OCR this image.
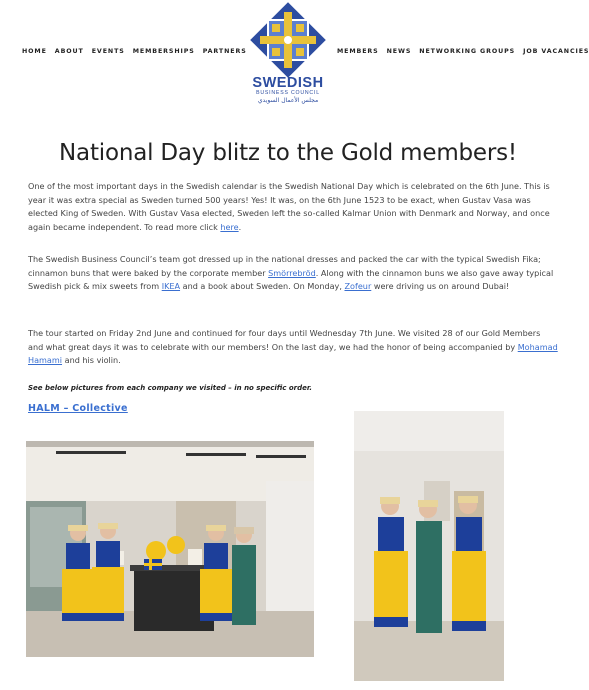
HOME ABOUT EVENTS MEMBERSHIPS PARTNERS
SWEDISH
BUSINESS COUNCIL
مجلس الأعمال السويدي
MEMBERS NEWS NETWORKING GROUPS JOB VACANCIES
National Day blitz to the Gold members!

One of the most important days in the Swedish calendar is the Swedish National Day which is celebrated on the 6th June. This is year it was extra special as Sweden turned 500 years! Yes! It was, on the 6th June 1523 to be exact, when Gustav Vasa was elected King of Sweden. With Gustav Vasa elected, Sweden left the so-called Kalmar Union with Denmark and Norway, and once again became independent. To read more click here.

The Swedish Business Council’s team got dressed up in the national dresses and packed the car with the typical Swedish Fika; cinnamon buns that were baked by the corporate member Smörrebröd. Along with the cinnamon buns we also gave away typical Swedish pick & mix sweets from IKEA and a book about Sweden. On Monday, Zofeur were driving us on around Dubai!

The tour started on Friday 2nd June and continued for four days until Wednesday 7th June. We visited 28 of our Gold Members and what great days it was to celebrate with our members! On the last day, we had the honor of being accompanied by Mohamad Hamami and his violin.

See below pictures from each company we visited – in no specific order.
HALM – Collective
